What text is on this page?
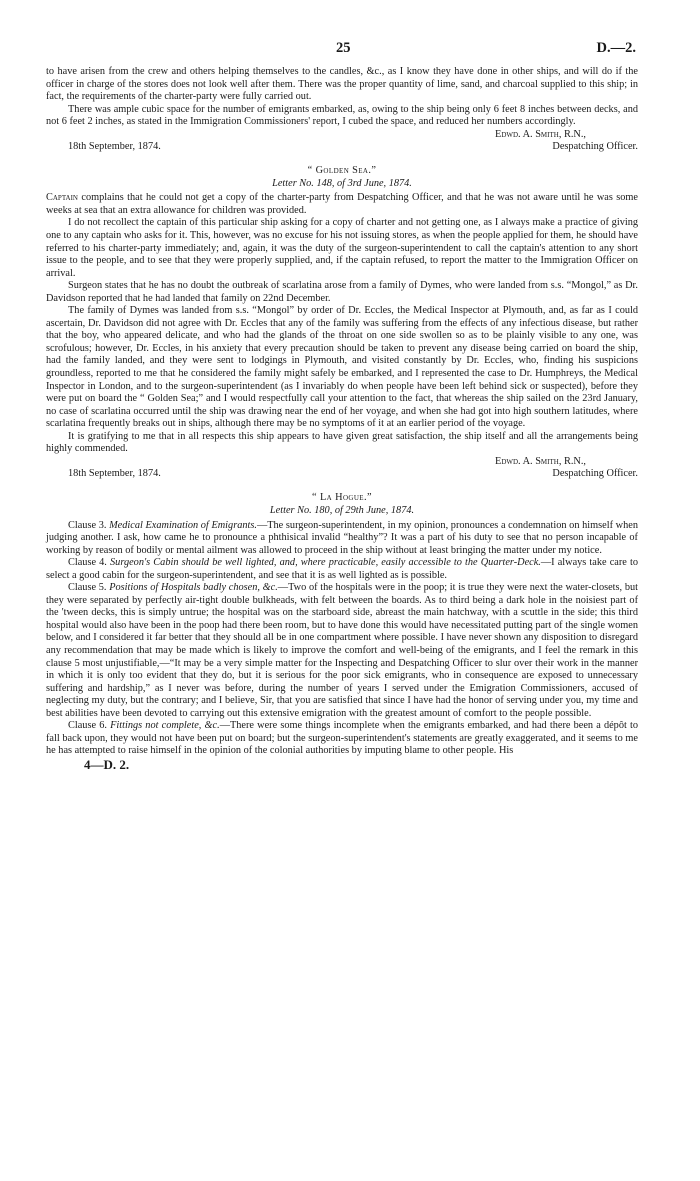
25	D.—2.

to have arisen from the crew and others helping themselves to the candles, &c., as I know they have done in other ships, and will do if the officer in charge of the stores does not look well after them. There was the proper quantity of lime, sand, and charcoal supplied to this ship; in fact, the requirements of the charter-party were fully carried out.

There was ample cubic space for the number of emigrants embarked, as, owing to the ship being only 6 feet 8 inches between decks, and not 6 feet 2 inches, as stated in the Immigration Commissioners' report, I cubed the space, and reduced her numbers accordingly.

Edwd. A. Smith, R.N.,
18th September, 1874.	Despatching Officer.
“ Golden Sea.”
Letter No. 148, of 3rd June, 1874.

Captain complains that he could not get a copy of the charter-party from Despatching Officer, and that he was not aware until he was some weeks at sea that an extra allowance for children was provided.

I do not recollect the captain of this particular ship asking for a copy of charter and not getting one, as I always make a practice of giving one to any captain who asks for it. This, however, was no excuse for his not issuing stores, as when the people applied for them, he should have referred to his charter-party immediately; and, again, it was the duty of the surgeon-superintendent to call the captain's attention to any short issue to the people, and to see that they were properly supplied, and, if the captain refused, to report the matter to the Immigration Officer on arrival.

Surgeon states that he has no doubt the outbreak of scarlatina arose from a family of Dymes, who were landed from s.s. “Mongol,” as Dr. Davidson reported that he had landed that family on 22nd December.

The family of Dymes was landed from s.s. “Mongol” by order of Dr. Eccles, the Medical Inspector at Plymouth, and, as far as I could ascertain, Dr. Davidson did not agree with Dr. Eccles that any of the family was suffering from the effects of any infectious disease, but rather that the boy, who appeared delicate, and who had the glands of the throat on one side swollen so as to be plainly visible to any one, was scrofulous; however, Dr. Eccles, in his anxiety that every precaution should be taken to prevent any disease being carried on board the ship, had the family landed, and they were sent to lodgings in Plymouth, and visited constantly by Dr. Eccles, who, finding his suspicions groundless, reported to me that he considered the family might safely be embarked, and I represented the case to Dr. Humphreys, the Medical Inspector in London, and to the surgeon-superintendent (as I invariably do when people have been left behind sick or suspected), before they were put on board the “ Golden Sea;” and I would respectfully call your attention to the fact, that whereas the ship sailed on the 23rd January, no case of scarlatina occurred until the ship was drawing near the end of her voyage, and when she had got into high southern latitudes, where scarlatina frequently breaks out in ships, although there may be no symptoms of it at an earlier period of the voyage.

It is gratifying to me that in all respects this ship appears to have given great satisfaction, the ship itself and all the arrangements being highly commended.

Edwd. A. Smith, R.N.,
18th September, 1874.	Despatching Officer.
“ La Hogue.”
Letter No. 180, of 29th June, 1874.

Clause 3. Medical Examination of Emigrants.—The surgeon-superintendent, in my opinion, pronounces a condemnation on himself when judging another. I ask, how came he to pronounce a phthisical invalid “healthy”? It was a part of his duty to see that no person incapable of working by reason of bodily or mental ailment was allowed to proceed in the ship without at least bringing the matter under my notice.

Clause 4. Surgeon's Cabin should be well lighted, and, where practicable, easily accessible to the Quarter-Deck.—I always take care to select a good cabin for the surgeon-superintendent, and see that it is as well lighted as is possible.

Clause 5. Positions of Hospitals badly chosen, &c.—Two of the hospitals were in the poop; it is true they were next the water-closets, but they were separated by perfectly air-tight double bulkheads, with felt between the boards. As to third being a dark hole in the noisiest part of the 'tween decks, this is simply untrue; the hospital was on the starboard side, abreast the main hatchway, with a scuttle in the side; this third hospital would also have been in the poop had there been room, but to have done this would have necessitated putting part of the single women below, and I considered it far better that they should all be in one compartment where possible. I have never shown any disposition to disregard any recommendation that may be made which is likely to improve the comfort and well-being of the emigrants, and I feel the remark in this clause 5 most unjustifiable,—“It may be a very simple matter for the Inspecting and Despatching Officer to slur over their work in the manner in which it is only too evident that they do, but it is serious for the poor sick emigrants, who in consequence are exposed to unnecessary suffering and hardship,” as I never was before, during the number of years I served under the Emigration Commissioners, accused of neglecting my duty, but the contrary; and I believe, Sir, that you are satisfied that since I have had the honor of serving under you, my time and best abilities have been devoted to carrying out this extensive emigration with the greatest amount of comfort to the people possible.

Clause 6. Fittings not complete, &c.—There were some things incomplete when the emigrants embarked, and had there been a dépôt to fall back upon, they would not have been put on board; but the surgeon-superintendent's statements are greatly exaggerated, and it seems to me he has attempted to raise himself in the opinion of the colonial authorities by imputing blame to other people. His

4—D. 2.
